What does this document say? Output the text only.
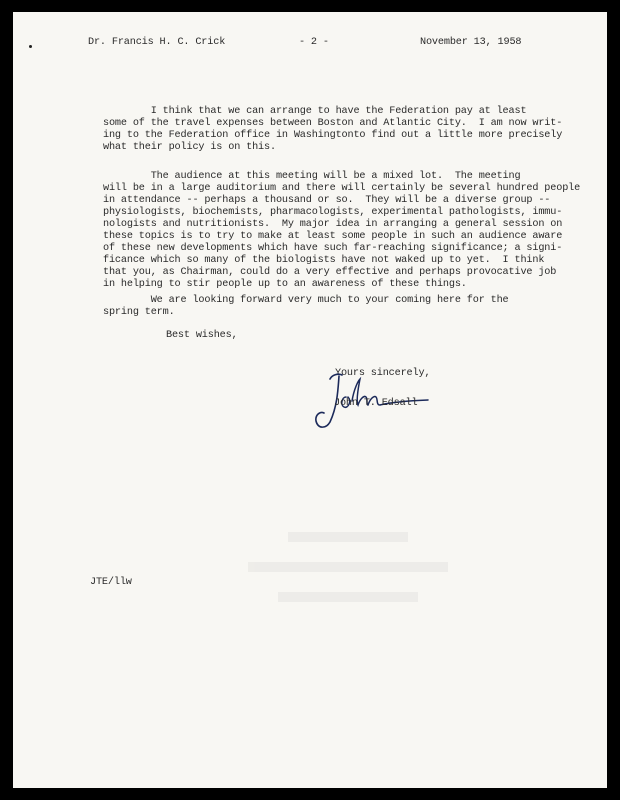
Dr. Francis H. C. Crick	- 2 -	November 13, 1958
I think that we can arrange to have the Federation pay at least
some of the travel expenses between Boston and Atlantic City.  I am now writ-
ing to the Federation office in Washingtonto find out a little more precisely
what their policy is on this.
The audience at this meeting will be a mixed lot.  The meeting
will be in a large auditorium and there will certainly be several hundred people
in attendance -- perhaps a thousand or so.  They will be a diverse group --
physiologists, biochemists, pharmacologists, experimental pathologists, immu-
nologists and nutritionists.  My major idea in arranging a general session on
these topics is to try to make at least some people in such an audience aware
of these new developments which have such far-reaching significance; a signi-
ficance which so many of the biologists have not waked up to yet.  I think
that you, as Chairman, could do a very effective and perhaps provocative job
in helping to stir people up to an awareness of these things.
We are looking forward very much to your coming here for the
spring term.
Best wishes,
Yours sincerely,
John T. Edsall
JTE/llw
